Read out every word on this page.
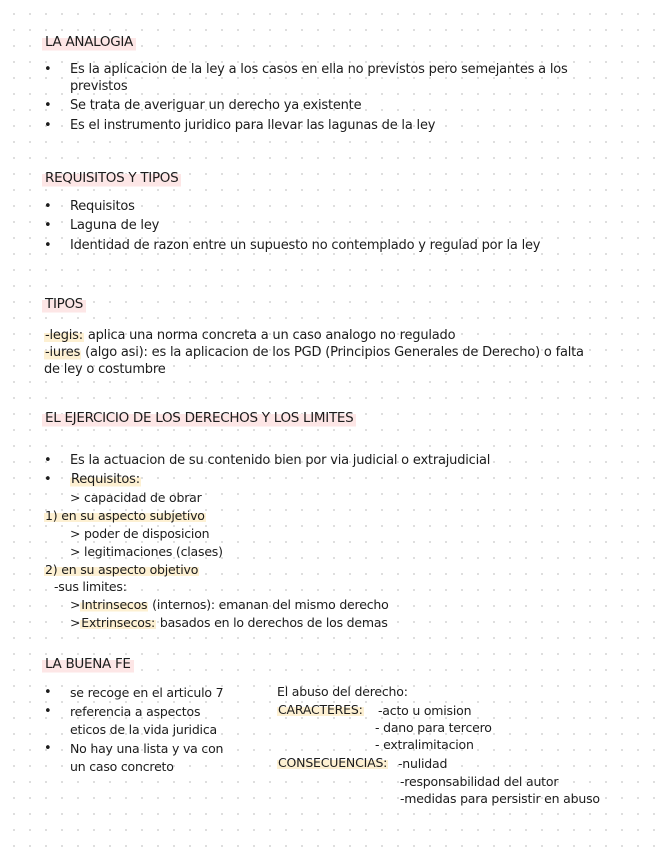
LA ANALOGIA
• Es la aplicacion de la ley a los casos en ella no previstos pero semejantes a los
previstos
• Se trata de averiguar un derecho ya existente
• Es el instrumento juridico para llevar las lagunas de la ley
REQUISITOS Y TIPOS
• Requisitos
• Laguna de ley
• Identidad de razon entre un supuesto no contemplado y regulad por la ley
TIPOS
-legis: aplica una norma concreta a un caso analogo no regulado
-iures (algo asi): es la aplicacion de los PGD (Principios Generales de Derecho) o falta
de ley o costumbre
EL EJERCICIO DE LOS DERECHOS Y LOS LIMITES
• Es la actuacion de su contenido bien por via judicial o extrajudicial
• Requisitos:
> capacidad de obrar
1) en su aspecto subjetivo
> poder de disposicion
> legitimaciones (clases)
2) en su aspecto objetivo
-sus limites:
>Intrinsecos (internos): emanan del mismo derecho
>Extrinsecos: basados en lo derechos de los demas
LA BUENA FE
• se recoge en el articulo 7
• referencia a aspectos
eticos de la vida juridica
• No hay una lista y va con
un caso concreto
El abuso del derecho:
CARACTERES: -acto u omision
- dano para tercero
- extralimitacion
CONSECUENCIAS: -nulidad
-responsabilidad del autor
-medidas para persistir en abuso
